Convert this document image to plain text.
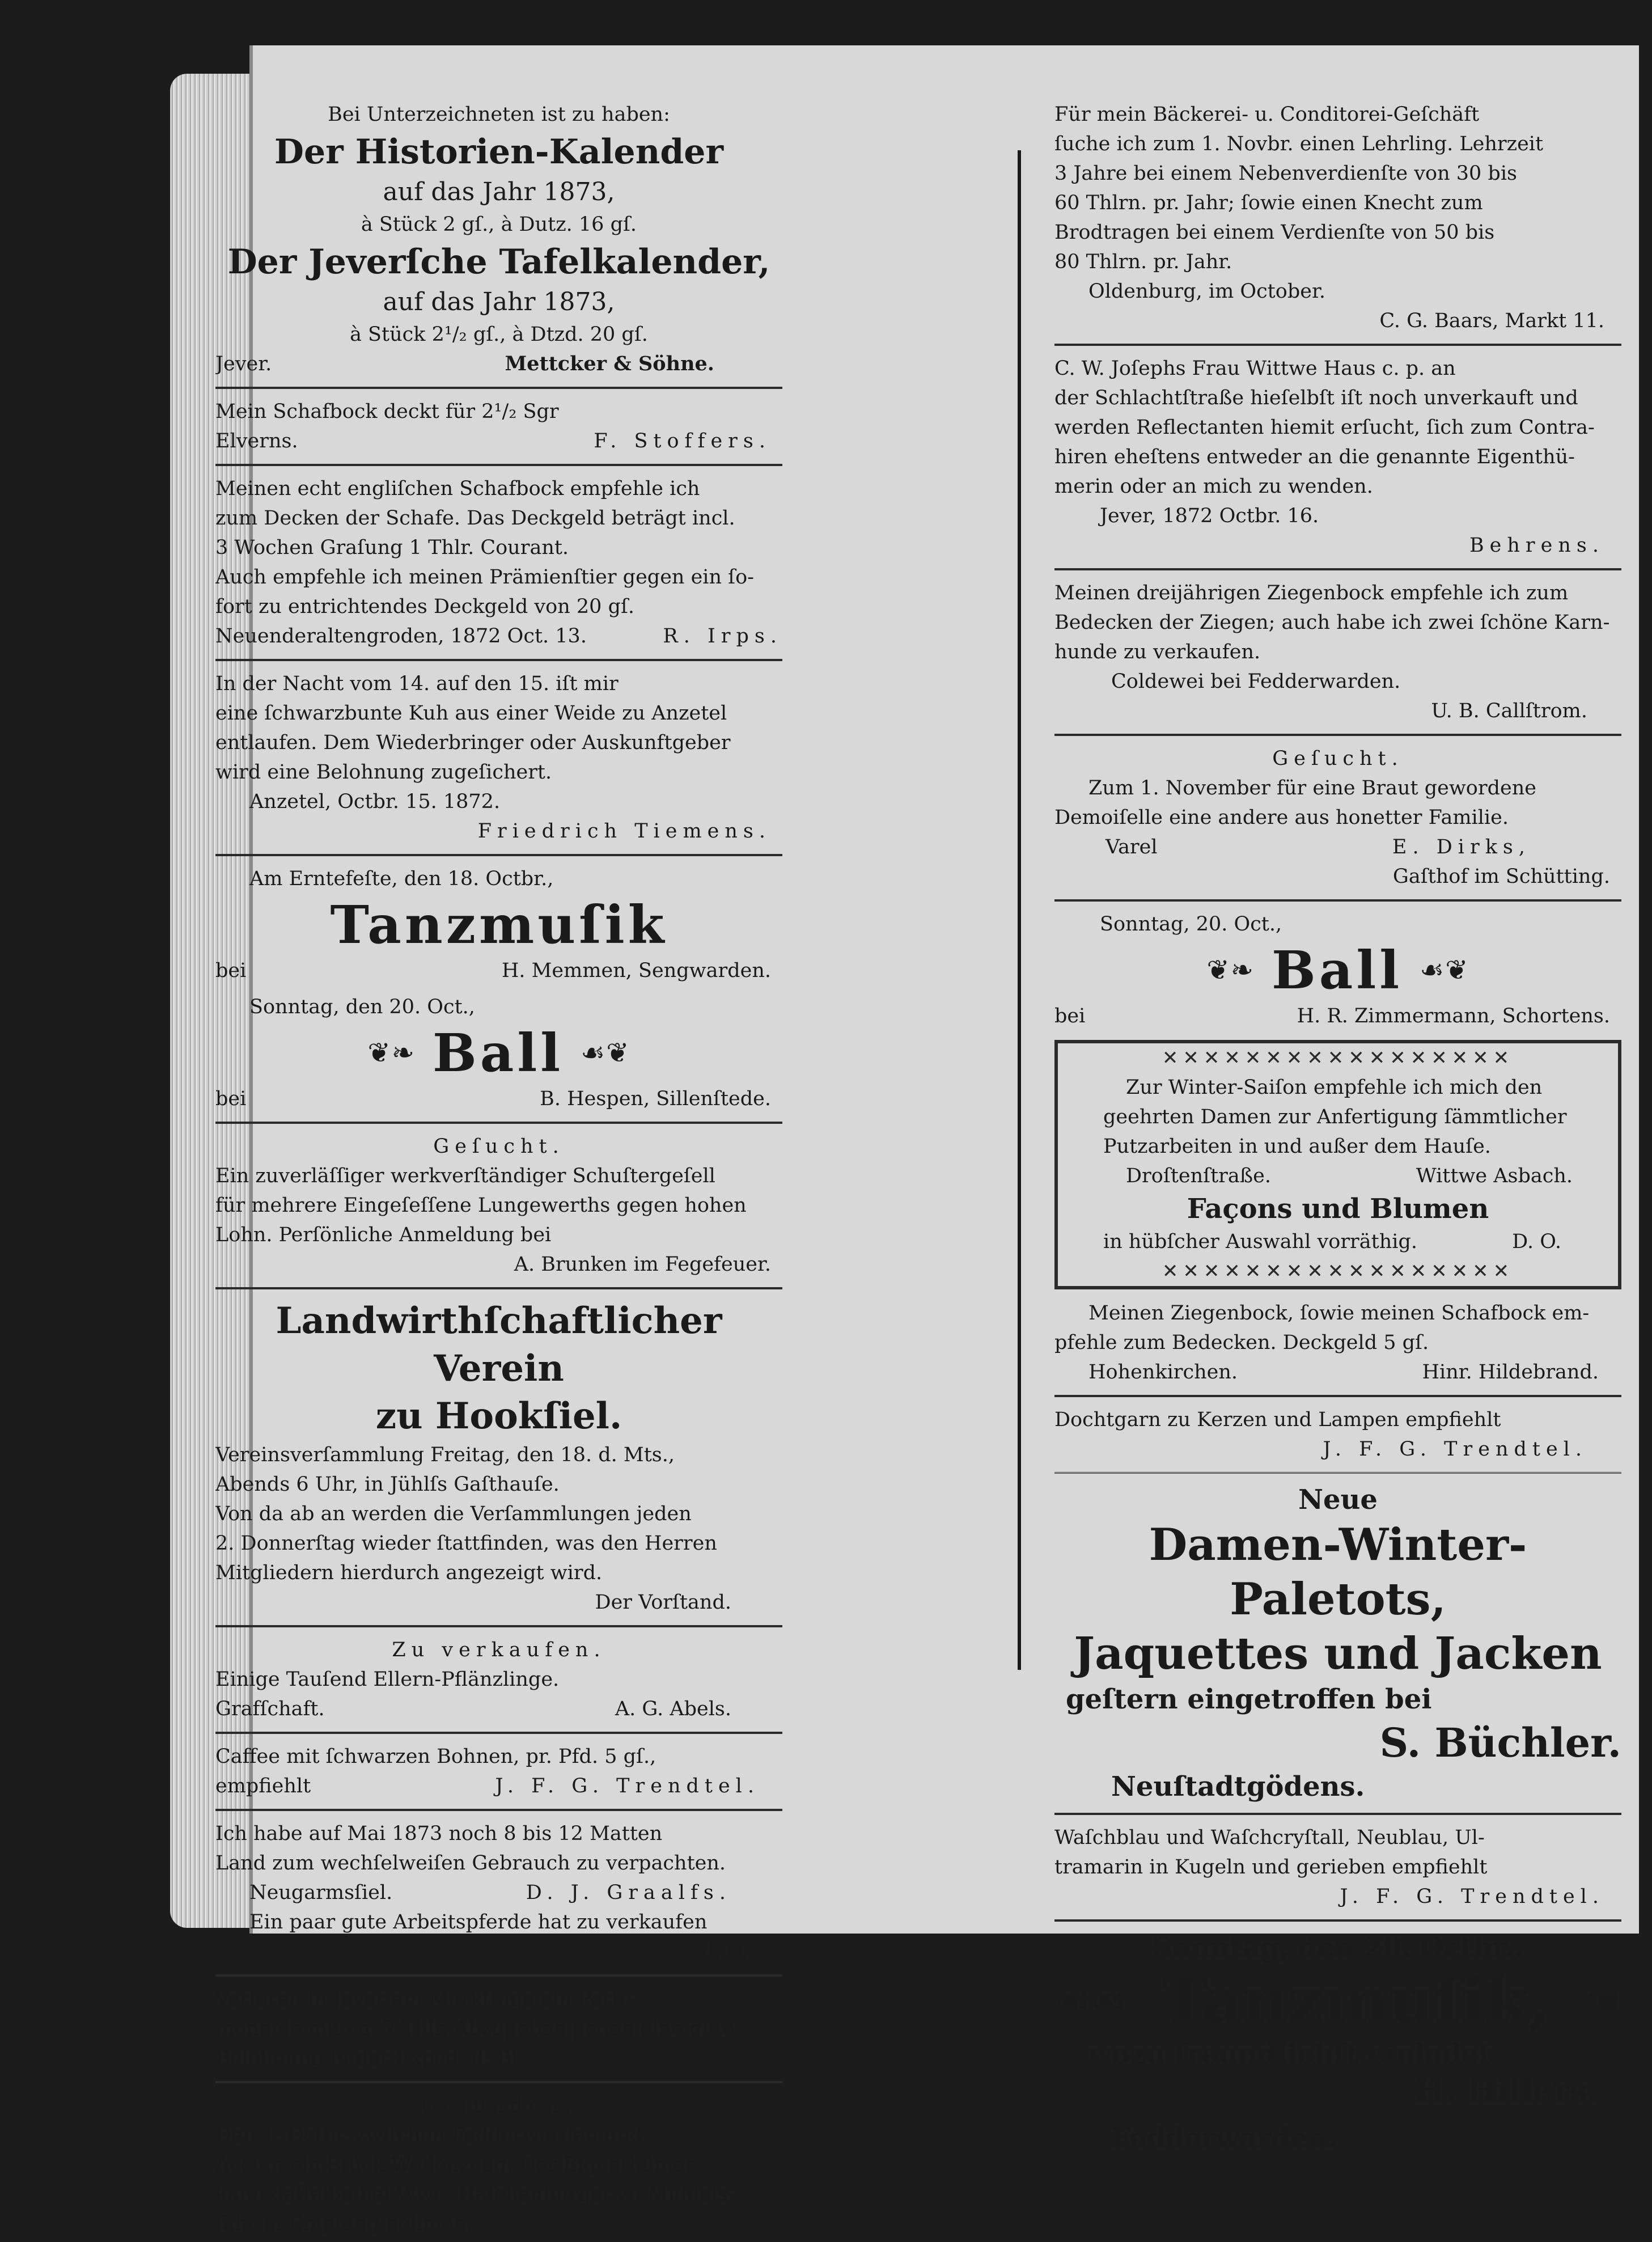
Bei Unterzeichneten ist zu haben:
Der Historien-Kalender
auf das Jahr 1873,
à Stück 2 gſ., à Dutz. 16 gſ.
Der Jeverſche Tafelkalender,
auf das Jahr 1873,
à Stück 2¹/₂ gſ., à Dtzd. 20 gſ.
Jever.	Mettcker & Söhne.
Mein Schafbock deckt für 2¹/₂ Sgr
Elverns.	F. Stoffers.
Meinen echt engliſchen Schafbock empfehle ich
zum Decken der Schafe. Das Deckgeld beträgt incl.
3 Wochen Graſung 1 Thlr. Courant.
Auch empfehle ich meinen Prämienſtier gegen ein ſo-
fort zu entrichtendes Deckgeld von 20 gſ.
Neuenderaltengroden, 1872 Oct. 13.	R. Irps.
In der Nacht vom 14. auf den 15. iſt mir
eine ſchwarzbunte Kuh aus einer Weide zu Anzetel
entlaufen. Dem Wiederbringer oder Auskunftgeber
wird eine Belohnung zugeſichert.
Anzetel, Octbr. 15. 1872.
Friedrich Tiemens.
Am Erntefeſte, den 18. Octbr.,
Tanzmuſik
bei	H. Memmen, Sengwarden.
Sonntag, den 20. Oct.,
❦❧ Ball ☙❦
bei	B. Hespen, Sillenſtede.
Geſucht.
Ein zuverläſſiger werkverſtändiger Schuſtergeſell
für mehrere Eingeſeſſene Lungewerths gegen hohen
Lohn. Perſönliche Anmeldung bei
A. Brunken im Fegefeuer.
Landwirthſchaftlicher Verein
zu Hookſiel.
Vereinsverſammlung Freitag, den 18. d. Mts.,
Abends 6 Uhr, in Jühlſs Gaſthauſe.
Von da ab an werden die Verſammlungen jeden
2. Donnerſtag wieder ſtattfinden, was den Herren
Mitgliedern hierdurch angezeigt wird.
Der Vorſtand.
Zu verkaufen.
Einige Tauſend Ellern-Pflänzlinge.
Grafſchaft.	A. G. Abels.
Caffee mit ſchwarzen Bohnen, pr. Pfd. 5 gſ.,
empfiehlt	J. F. G. Trendtel.
Ich habe auf Mai 1873 noch 8 bis 12 Matten
Land zum wechſelweiſen Gebrauch zu verpachten.
Neugarmsſiel.	D. J. Graalfs.
Ein paar gute Arbeitspferde hat zu verkaufen
d. O.
Verloren in Jever am Markttage ein Porte-
monnaie mit ca. 7 Thlr. Abzugeben gegen eine gute
Belohnung in der Exped. d. Bl.
Gefunden.
Den 1. Octbr. zwiſchen Fedderwarden und
Accum ein Stück Wollenzeug. Der Eigenthümer
kann daſſelbe bei Wwe. Haſchenburger zu Middels-
fähr in Empfang nehmen.
Für mein Bäckerei- u. Conditorei-Geſchäft
ſuche ich zum 1. Novbr. einen Lehrling. Lehrzeit
3 Jahre bei einem Nebenverdienſte von 30 bis
60 Thlrn. pr. Jahr; ſowie einen Knecht zum
Brodtragen bei einem Verdienſte von 50 bis
80 Thlrn. pr. Jahr.
Oldenburg, im October.
C. G. Baars, Markt 11.
C. W. Joſephs Frau Wittwe Haus c. p. an
der Schlachtſtraße hieſelbſt iſt noch unverkauft und
werden Reflectanten hiemit erſucht, ſich zum Contra-
hiren eheſtens entweder an die genannte Eigenthü-
merin oder an mich zu wenden.
Jever, 1872 Octbr. 16.
Behrens.
Meinen dreijährigen Ziegenbock empfehle ich zum
Bedecken der Ziegen; auch habe ich zwei ſchöne Karn-
hunde zu verkaufen.
Coldewei bei Fedderwarden.
U. B. Callſtrom.
Geſucht.
Zum 1. November für eine Braut gewordene
Demoiſelle eine andere aus honetter Familie.
Varel	E. Dirks,
Gaſthof im Schütting.
Sonntag, 20. Oct.,
❦❧ Ball ☙❦
bei	H. R. Zimmermann, Schortens.
✕✕✕✕✕✕✕✕✕✕✕✕✕✕✕✕✕
Zur Winter-Saiſon empfehle ich mich den
geehrten Damen zur Anfertigung ſämmtlicher
Putzarbeiten in und außer dem Hauſe.
Droſtenſtraße.	Wittwe Asbach.
Façons und Blumen
in hübſcher Auswahl vorräthig.	D. O.
✕✕✕✕✕✕✕✕✕✕✕✕✕✕✕✕✕
Meinen Ziegenbock, ſowie meinen Schafbock em-
pfehle zum Bedecken. Deckgeld 5 gſ.
Hohenkirchen.	Hinr. Hildebrand.
Dochtgarn zu Kerzen und Lampen empfiehlt
J. F. G. Trendtel.
Neue
Damen-Winter-Paletots,
Jaquettes und Jacken
geſtern eingetroffen bei
S. Büchler.
Neuſtadtgödens.
Waſchblau und Waſchcryſtall, Neublau, Ul-
tramarin in Kugeln und gerieben empfiehlt
J. F. G. Trendtel.
Sonntag, den 20. Octbr.,
☙☙ Tanzmuſik, ☚
wozu freundlichſt einladet
H. Hillers.
Fedderwarden.
